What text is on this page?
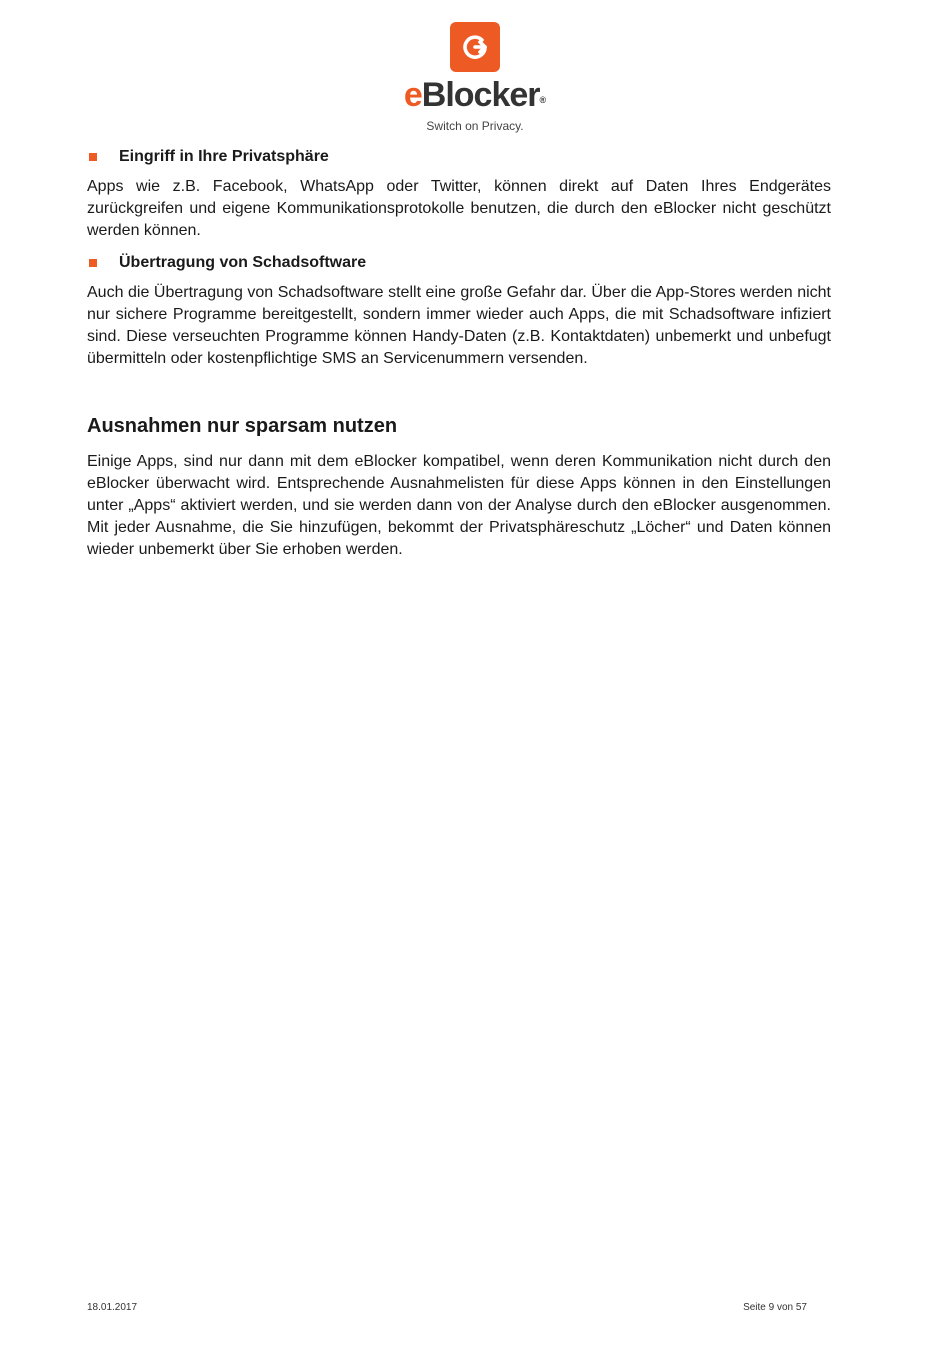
eBlocker®
Switch on Privacy.
Eingriff in Ihre Privatsphäre

Apps wie z.B. Facebook, WhatsApp oder Twitter, können direkt auf Daten Ihres Endgerätes zurückgreifen und eigene Kommunikationsprotokolle benutzen, die durch den eBlocker nicht geschützt werden können.

Übertragung von Schadsoftware

Auch die Übertragung von Schadsoftware stellt eine große Gefahr dar. Über die App-Stores werden nicht nur sichere Programme bereitgestellt, sondern immer wieder auch Apps, die mit Schadsoftware infiziert sind. Diese verseuchten Programme können Handy-Daten (z.B. Kontaktdaten) unbemerkt und unbefugt übermitteln oder kostenpflichtige SMS an Servicenummern versenden.

Ausnahmen nur sparsam nutzen

Einige Apps, sind nur dann mit dem eBlocker kompatibel, wenn deren Kommunikation nicht durch den eBlocker überwacht wird. Entsprechende Ausnahmelisten für diese Apps können in den Einstellungen unter „Apps“ aktiviert werden, und sie werden dann von der Analyse durch den eBlocker ausgenommen. Mit jeder Ausnahme, die Sie hinzufügen, bekommt der Privatsphäreschutz „Löcher“ und Daten können wieder unbemerkt über Sie erhoben werden.

18.01.2017	Seite 9 von 57
